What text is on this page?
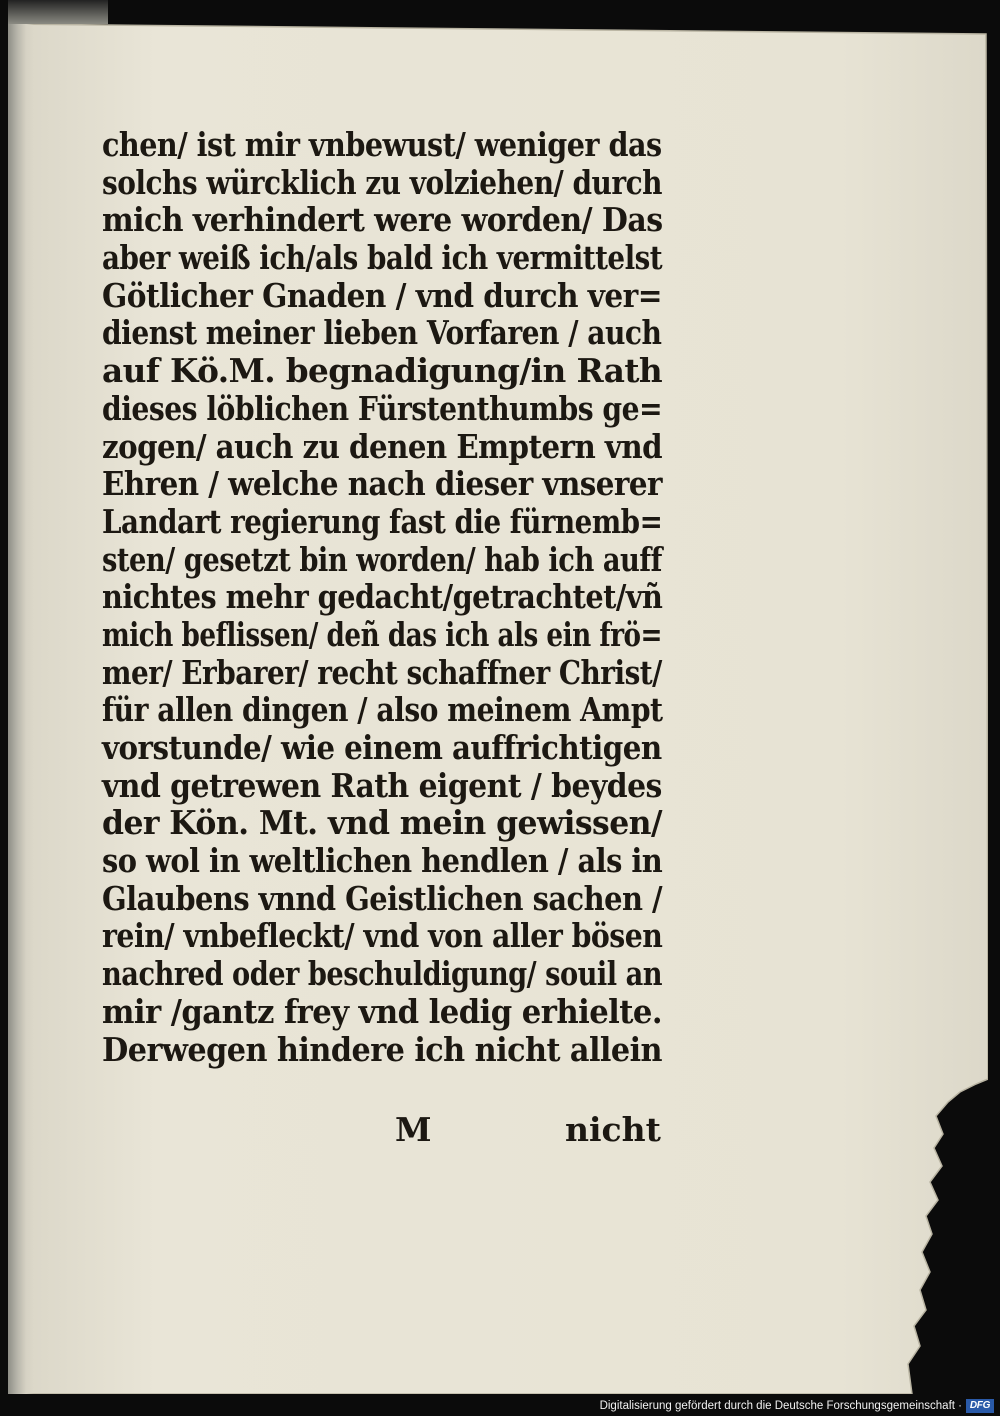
chen/ ist mir vnbewust/ weniger das
solchs würcklich zu volziehen/ durch
mich verhindert were worden/ Das
aber weiß ich/als bald ich vermittelst
Götlicher Gnaden / vnd durch ver=
dienst meiner lieben Vorfaren / auch
auf Kö.M. begnadigung/in Rath
dieses löblichen Fürstenthumbs ge=
zogen/ auch zu denen Emptern vnd
Ehren / welche nach dieser vnserer
Landart regierung fast die fürnemb=
sten/ gesetzt bin worden/ hab ich auff
nichtes mehr gedacht/getrachtet/vñ
mich beflissen/ deñ das ich als ein frö=
mer/ Erbarer/ recht schaffner Christ/
für allen dingen / also meinem Ampt
vorstunde/ wie einem auffrichtigen
vnd getrewen Rath eigent / beydes
der Kön. Mt. vnd mein gewissen/
so wol in weltlichen hendlen / als in
Glaubens vnnd Geistlichen sachen /
rein/ vnbefleckt/ vnd von aller bösen
nachred oder beschuldigung/ souil an
mir /gantz frey vnd ledig erhielte.
Derwegen hindere ich nicht allein
M	nicht
Digitalisierung gefördert durch die Deutsche Forschungsgemeinschaft · DFG
